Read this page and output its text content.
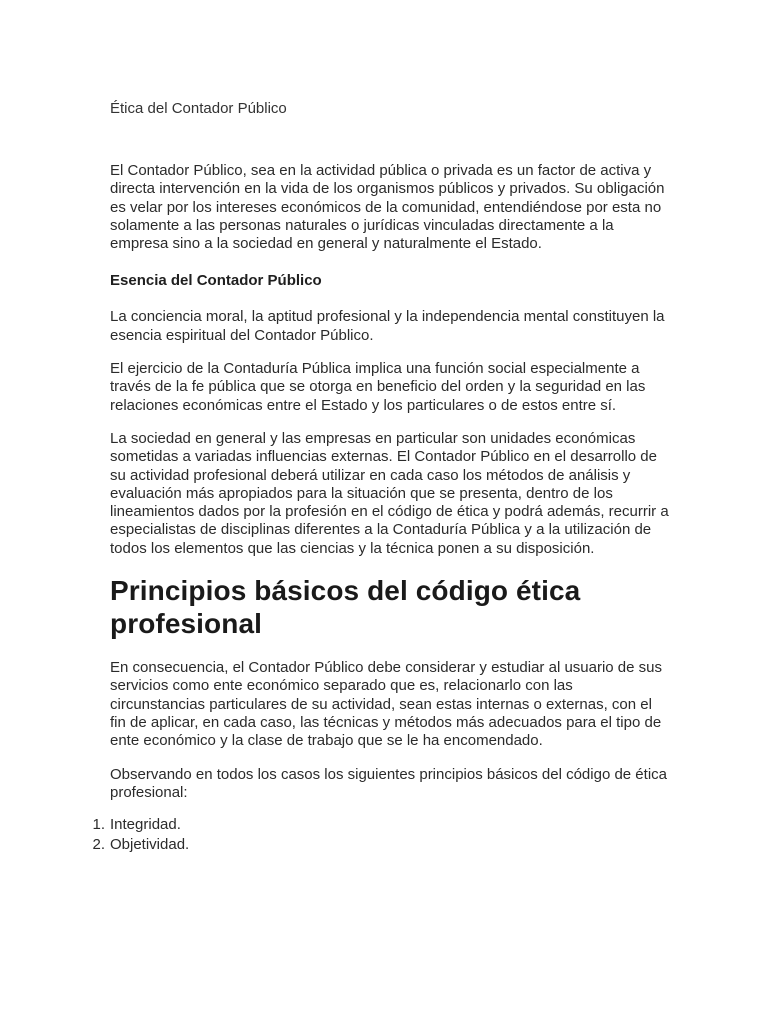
Ética del Contador Público

El Contador Público, sea en la actividad pública o privada es un factor de activa y directa intervención en la vida de los organismos públicos y privados. Su obligación es velar por los intereses económicos de la comunidad, entendiéndose por esta no solamente a las personas naturales o jurídicas vinculadas directamente a la empresa sino a la sociedad en general y naturalmente el Estado.

Esencia del Contador Público

La conciencia moral, la aptitud profesional y la independencia mental constituyen la esencia espiritual del Contador Público.

El ejercicio de la Contaduría Pública implica una función social especialmente a través de la fe pública que se otorga en beneficio del orden y la seguridad en las relaciones económicas entre el Estado y los particulares o de estos entre sí.

La sociedad en general y las empresas en particular son unidades económicas sometidas a variadas influencias externas. El Contador Público en el desarrollo de su actividad profesional deberá utilizar en cada caso los métodos de análisis y evaluación más apropiados para la situación que se presenta, dentro de los lineamientos dados por la profesión en el código de ética y podrá además, recurrir a especialistas de disciplinas diferentes a la Contaduría Pública y a la utilización de todos los elementos que las ciencias y la técnica ponen a su disposición.

Principios básicos del código ética profesional

En consecuencia, el Contador Público debe considerar y estudiar al usuario de sus servicios como ente económico separado que es, relacionarlo con las circunstancias particulares de su actividad, sean estas internas o externas, con el fin de aplicar, en cada caso, las técnicas y métodos más adecuados para el tipo de ente económico y la clase de trabajo que se le ha encomendado.

Observando en todos los casos los siguientes principios básicos del código de ética profesional:

1. Integridad.
2. Objetividad.
